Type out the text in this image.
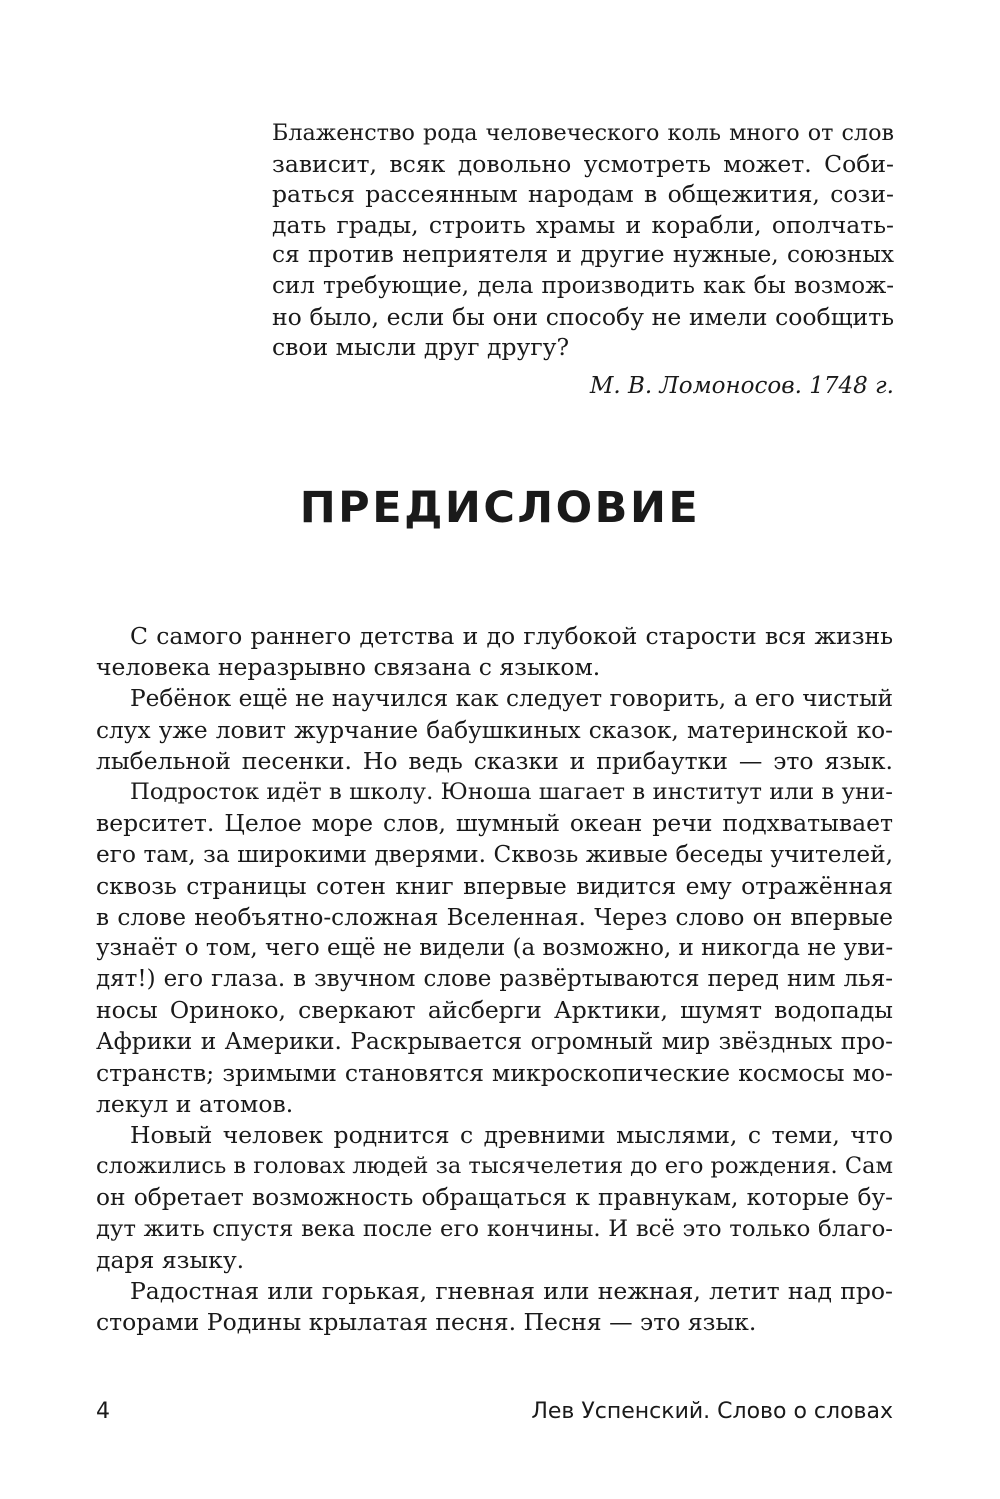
Блаженство рода человеческого коль много от слов
зависит, всяк довольно усмотреть может. Соби-
раться рассеянным народам в общежития, сози-
дать грады, строить храмы и корабли, ополчать-
ся против неприятеля и другие нужные, союзных
сил требующие, дела производить как бы возмож-
но было, если бы они способу не имели сообщить
свои мысли друг другу?
М. В. Ломоносов. 1748 г.
ПРЕДИСЛОВИЕ
С самого раннего детства и до глубокой старости вся жизнь
человека неразрывно связана с языком.
Ребёнок ещё не научился как следует говорить, а его чистый
слух уже ловит журчание бабушкиных сказок, материнской ко-
лыбельной песенки. Но ведь сказки и прибаутки — это язык.
Подросток идёт в школу. Юноша шагает в институт или в уни-
верситет. Целое море слов, шумный океан речи подхватывает
его там, за широкими дверями. Сквозь живые беседы учителей,
сквозь страницы сотен книг впервые видится ему отражённая
в слове необъятно-сложная Вселенная. Через слово он впервые
узнаёт о том, чего ещё не видели (а возможно, и никогда не уви-
дят!) его глаза. в звучном слове развёртываются перед ним лья-
носы Ориноко, сверкают айсберги Арктики, шумят водопады
Африки и Америки. Раскрывается огромный мир звёздных про-
странств; зримыми становятся микроскопические космосы мо-
лекул и атомов.
Новый человек роднится с древними мыслями, с теми, что
сложились в головах людей за тысячелетия до его рождения. Сам
он обретает возможность обращаться к правнукам, которые бу-
дут жить спустя века после его кончины. И всё это только благо-
даря языку.
Радостная или горькая, гневная или нежная, летит над про-
сторами Родины крылатая песня. Песня — это язык.
4	Лев Успенский. Слово о словах
